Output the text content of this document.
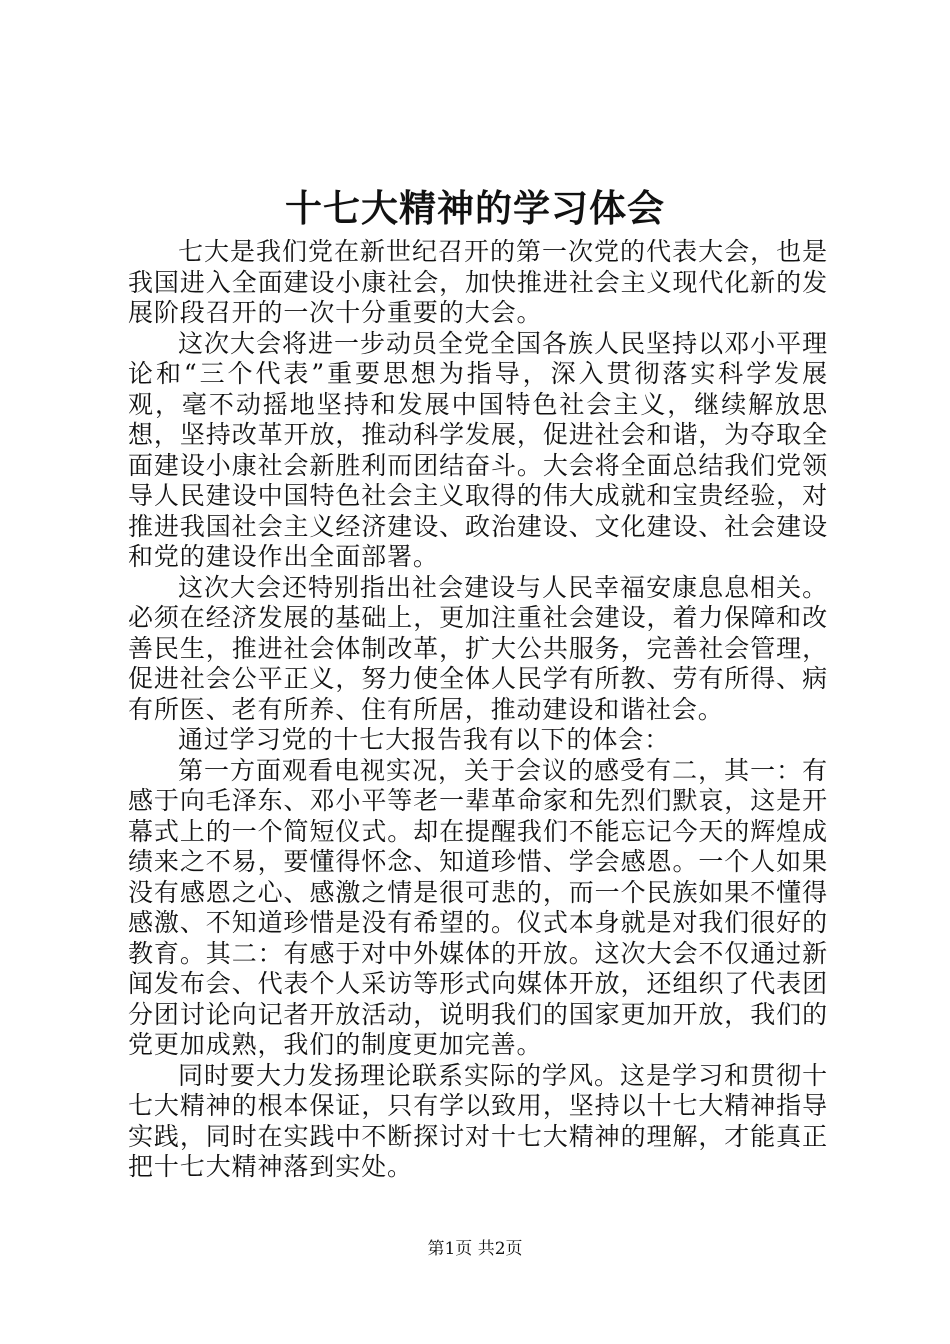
十七大精神的学习体会

七大是我们党在新世纪召开的第一次党的代表大会，也是我国进入全面建设小康社会，加快推进社会主义现代化新的发展阶段召开的一次十分重要的大会。

这次大会将进一步动员全党全国各族人民坚持以邓小平理论和“三个代表”重要思想为指导，深入贯彻落实科学发展观，毫不动摇地坚持和发展中国特色社会主义，继续解放思想，坚持改革开放，推动科学发展，促进社会和谐，为夺取全面建设小康社会新胜利而团结奋斗。大会将全面总结我们党领导人民建设中国特色社会主义取得的伟大成就和宝贵经验，对推进我国社会主义经济建设、政治建设、文化建设、社会建设和党的建设作出全面部署。

这次大会还特别指出社会建设与人民幸福安康息息相关。必须在经济发展的基础上，更加注重社会建设，着力保障和改善民生，推进社会体制改革，扩大公共服务，完善社会管理，促进社会公平正义，努力使全体人民学有所教、劳有所得、病有所医、老有所养、住有所居，推动建设和谐社会。

通过学习党的十七大报告我有以下的体会：

第一方面观看电视实况，关于会议的感受有二，其一：有感于向毛泽东、邓小平等老一辈革命家和先烈们默哀，这是开幕式上的一个简短仪式。却在提醒我们不能忘记今天的辉煌成绩来之不易，要懂得怀念、知道珍惜、学会感恩。一个人如果没有感恩之心、感激之情是很可悲的，而一个民族如果不懂得感激、不知道珍惜是没有希望的。仪式本身就是对我们很好的教育。其二：有感于对中外媒体的开放。这次大会不仅通过新闻发布会、代表个人采访等形式向媒体开放，还组织了代表团分团讨论向记者开放活动，说明我们的国家更加开放，我们的党更加成熟，我们的制度更加完善。

同时要大力发扬理论联系实际的学风。这是学习和贯彻十七大精神的根本保证，只有学以致用，坚持以十七大精神指导实践，同时在实践中不断探讨对十七大精神的理解，才能真正把十七大精神落到实处。

第1页 共2页
